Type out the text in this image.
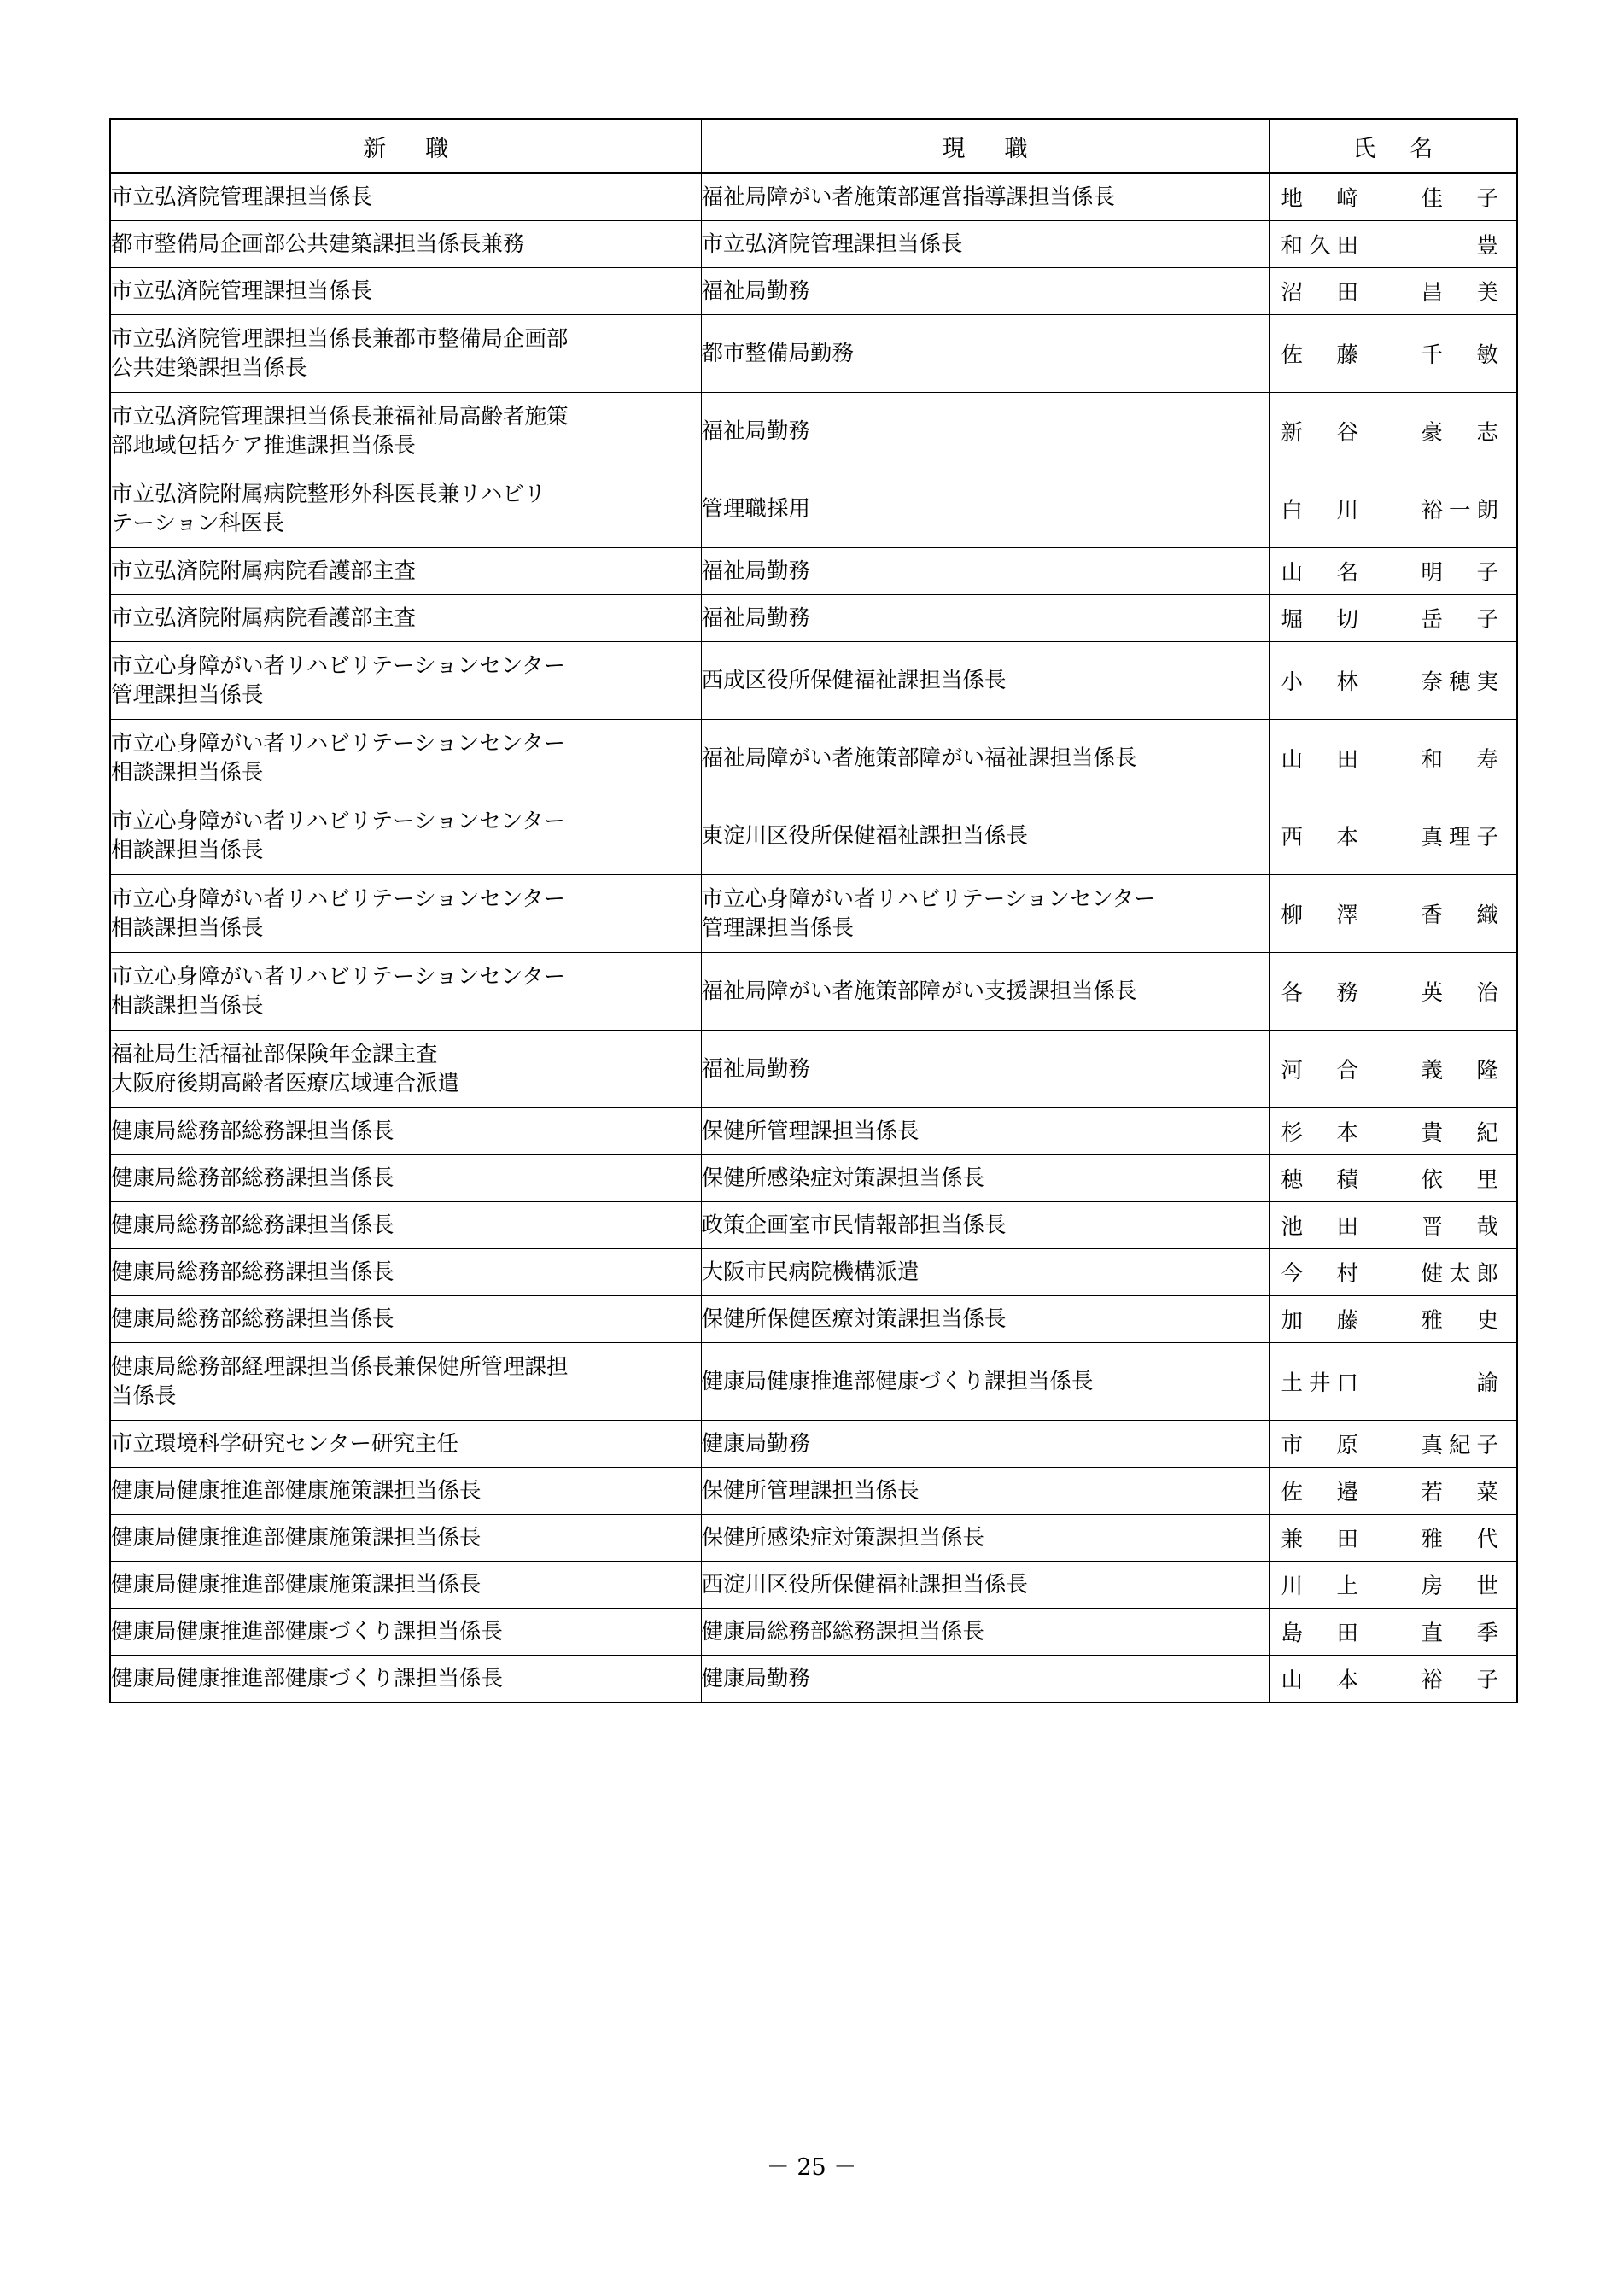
新 職	現 職	氏 名

市立弘済院管理課担当係長	福祉局障がい者施策部運営指導課担当係長	地　﨑 佳　子

都市整備局企画部公共建築課担当係長兼務	市立弘済院管理課担当係長	和久田 豊

市立弘済院管理課担当係長	福祉局勤務	沼　田 昌　美

市立弘済院管理課担当係長兼都市整備局企画部
公共建築課担当係長	都市整備局勤務	佐　藤 千　敏

市立弘済院管理課担当係長兼福祉局高齢者施策
部地域包括ケア推進課担当係長	福祉局勤務	新　谷 豪　志

市立弘済院附属病院整形外科医長兼リハビリ
テーション科医長	管理職採用	白　川 裕一朗

市立弘済院附属病院看護部主査	福祉局勤務	山　名 明　子

市立弘済院附属病院看護部主査	福祉局勤務	堀　切 岳　子

市立心身障がい者リハビリテーションセンター
管理課担当係長	西成区役所保健福祉課担当係長	小　林 奈穂実

市立心身障がい者リハビリテーションセンター
相談課担当係長	福祉局障がい者施策部障がい福祉課担当係長	山　田 和　寿

市立心身障がい者リハビリテーションセンター
相談課担当係長	東淀川区役所保健福祉課担当係長	西　本 真理子

市立心身障がい者リハビリテーションセンター
相談課担当係長	市立心身障がい者リハビリテーションセンター
管理課担当係長	柳　澤 香　織

市立心身障がい者リハビリテーションセンター
相談課担当係長	福祉局障がい者施策部障がい支援課担当係長	各　務 英　治

福祉局生活福祉部保険年金課主査
大阪府後期高齢者医療広域連合派遣	福祉局勤務	河　合 義　隆

健康局総務部総務課担当係長	保健所管理課担当係長	杉　本 貴　紀

健康局総務部総務課担当係長	保健所感染症対策課担当係長	穂　積 依　里

健康局総務部総務課担当係長	政策企画室市民情報部担当係長	池　田 晋　哉

健康局総務部総務課担当係長	大阪市民病院機構派遣	今　村 健太郎

健康局総務部総務課担当係長	保健所保健医療対策課担当係長	加　藤 雅　史

健康局総務部経理課担当係長兼保健所管理課担
当係長	健康局健康推進部健康づくり課担当係長	土井口 諭

市立環境科学研究センター研究主任	健康局勤務	市　原 真紀子

健康局健康推進部健康施策課担当係長	保健所管理課担当係長	佐　邉 若　菜

健康局健康推進部健康施策課担当係長	保健所感染症対策課担当係長	兼　田 雅　代

健康局健康推進部健康施策課担当係長	西淀川区役所保健福祉課担当係長	川　上 房　世

健康局健康推進部健康づくり課担当係長	健康局総務部総務課担当係長	島　田 直　季

健康局健康推進部健康づくり課担当係長	健康局勤務	山　本 裕　子
－ 25 －
